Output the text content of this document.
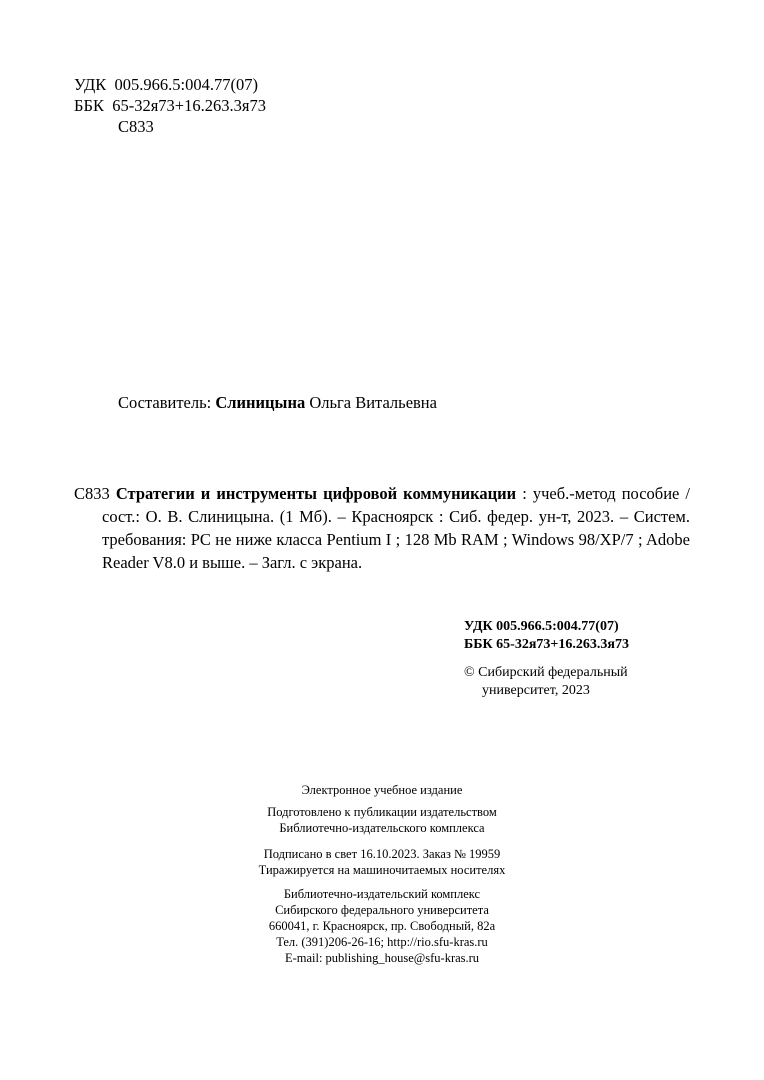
УДК 005.966.5:004.77(07)
ББК 65-32я73+16.263.3я73
С833
Составитель: Слиницына Ольга Витальевна
С833 Стратегии и инструменты цифровой коммуникации : учеб.-метод пособие / сост.: О. В. Слиницына. (1 Мб). – Красноярск : Сиб. федер. ун-т, 2023. – Систем. требования: PC не ниже класса Pentium I ; 128 Mb RAM ; Windows 98/XP/7 ; Adobe Reader V8.0 и выше. – Загл. с экрана.
УДК 005.966.5:004.77(07)
ББК 65-32я73+16.263.3я73
© Сибирский федеральный
университет, 2023
Электронное учебное издание
Подготовлено к публикации издательством
Библиотечно-издательского комплекса
Подписано в свет 16.10.2023. Заказ № 19959
Тиражируется на машиночитаемых носителях
Библиотечно-издательский комплекс
Сибирского федерального университета
660041, г. Красноярск, пр. Свободный, 82а
Тел. (391)206-26-16; http://rio.sfu-kras.ru
E-mail: publishing_house@sfu-kras.ru
